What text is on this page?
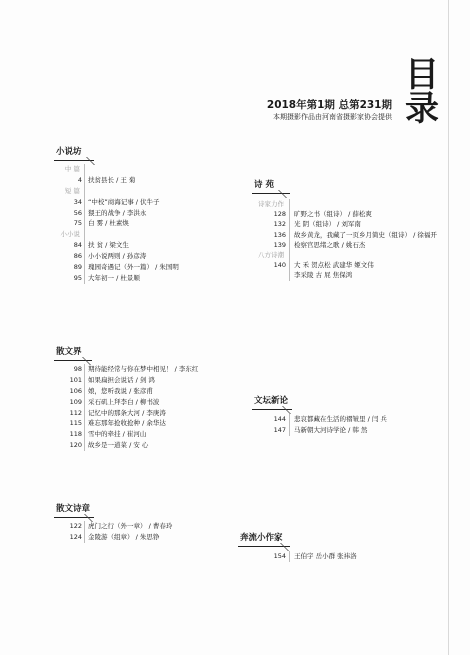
目录
2018年第1期 总第231期
本期摄影作品由河南省摄影家协会提供
小说坊
中 篇
4 扶贫县长 / 王 菊
短 篇
34 “中校”商海记事 / 伏牛子
56 猥王的战争 / 李洪永
75 白 雾 / 杜素焕
小小说
84 扶 贫 / 梁文生
86 小小说两则 / 孙彦涛
89 瑰园奇遇记（外一篇） / 朱国明
95 大年初一 / 杜景顺
诗 苑
诗家力作
128 旷野之书（组诗） / 薛松爽
132 光 阴（组诗） / 刘军南
136 故乡黄龙，我藏了一页乡月简史（组诗） / 徐福开
139 检察官思绪之歌 / 姚石杰
八方诗潮
140 大 禾 贺点松 武建华 姬文伟
李采陵 古 屁 焦保鸿
散文界
98 期待能经常与你在梦中相见！ / 李东红
101 如果扁担会说话 / 剑 鸿
106 娘，您听我说 / 张彦甫
109 采石矶上拜李白 / 柳书波
112 记忆中的那条大河 / 李庚涛
115 难忘那年抢收抢种 / 余华达
118 雪中的牵挂 / 崔河山
120 故乡是一道菜 / 安 心
文坛新论
144 悲哀都藏在生活的褶皱里 / 闫 兵
147 马新朝大河诗学论 / 韩 然
散文诗章
122 虎门之行（外一章） / 曹春玲
124 金陵游（组章） / 朱思铮	奔流小作家
154 王伯宇 岳小群 张祎洛
